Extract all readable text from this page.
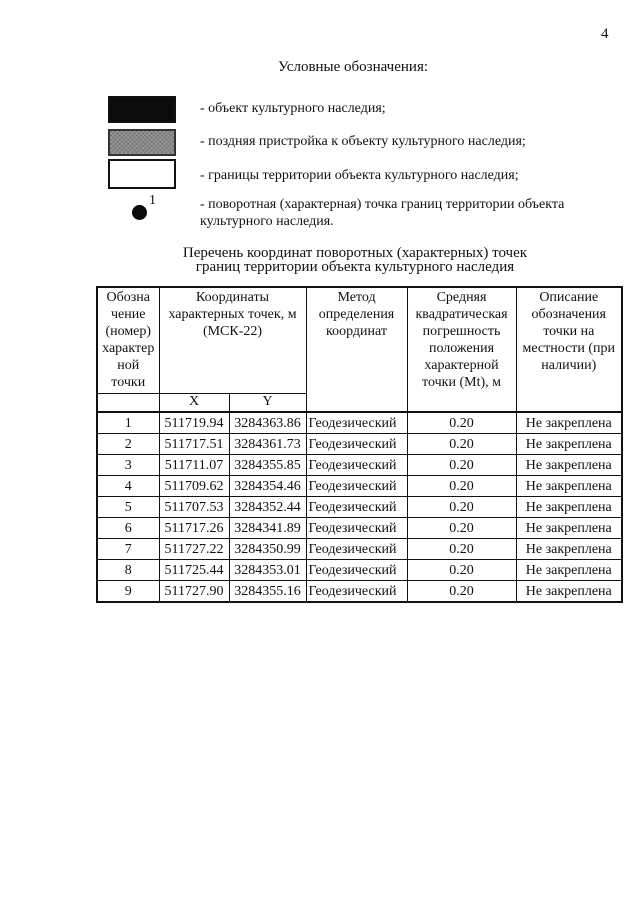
4
Условные обозначения:
- объект культурного наследия;
- поздняя пристройка к объекту культурного наследия;
- границы территории объекта культурного наследия;
1	- поворотная (характерная) точка границ территории объекта культурного наследия.
Перечень координат поворотных (характерных) точек
границ территории объекта культурного наследия
Обозна чение (номер) характер ной точки	Координаты характерных точек, м (МСК-22)		Метод определения координат	Средняя квадратическая погрешность положения характерной точки (Mt), м	Описание обозначения точки на местности (при наличии)

	X	Y			
1	511719.94	3284363.86	Геодезический	0.20	Не закреплена
2	511717.51	3284361.73	Геодезический	0.20	Не закреплена
3	511711.07	3284355.85	Геодезический	0.20	Не закреплена
4	511709.62	3284354.46	Геодезический	0.20	Не закреплена
5	511707.53	3284352.44	Геодезический	0.20	Не закреплена
6	511717.26	3284341.89	Геодезический	0.20	Не закреплена
7	511727.22	3284350.99	Геодезический	0.20	Не закреплена
8	511725.44	3284353.01	Геодезический	0.20	Не закреплена
9	511727.90	3284355.16	Геодезический	0.20	Не закреплена
